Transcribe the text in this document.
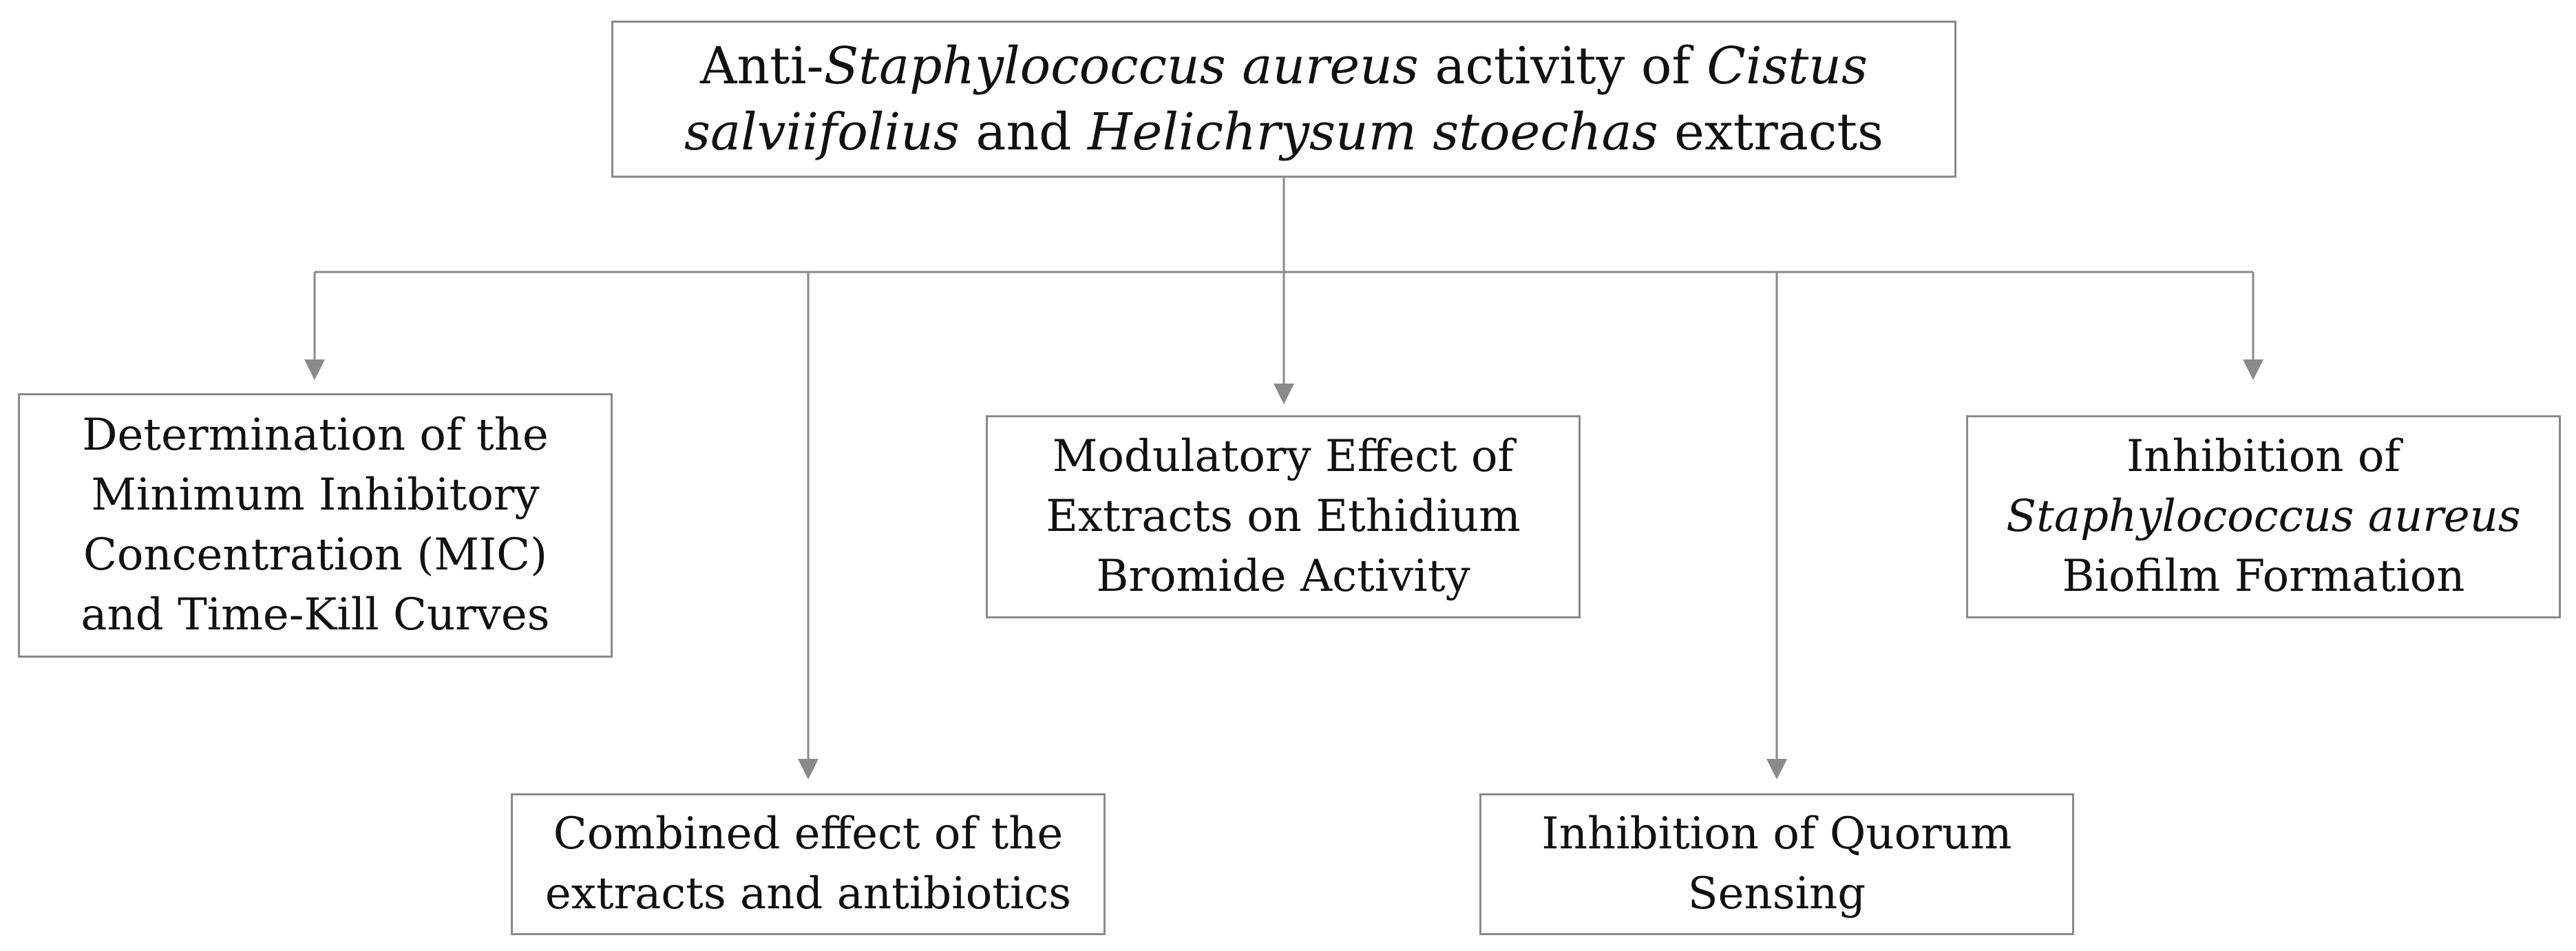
Anti-Staphylococcus aureus activity of Cistus
salviifolius and Helichrysum stoechas extracts
Determination of the
Minimum Inhibitory
Concentration (MIC)
and Time-Kill Curves
Modulatory Effect of
Extracts on Ethidium
Bromide Activity
Inhibition of
Staphylococcus aureus
Biofilm Formation
Combined effect of the
extracts and antibiotics
Inhibition of Quorum
Sensing
